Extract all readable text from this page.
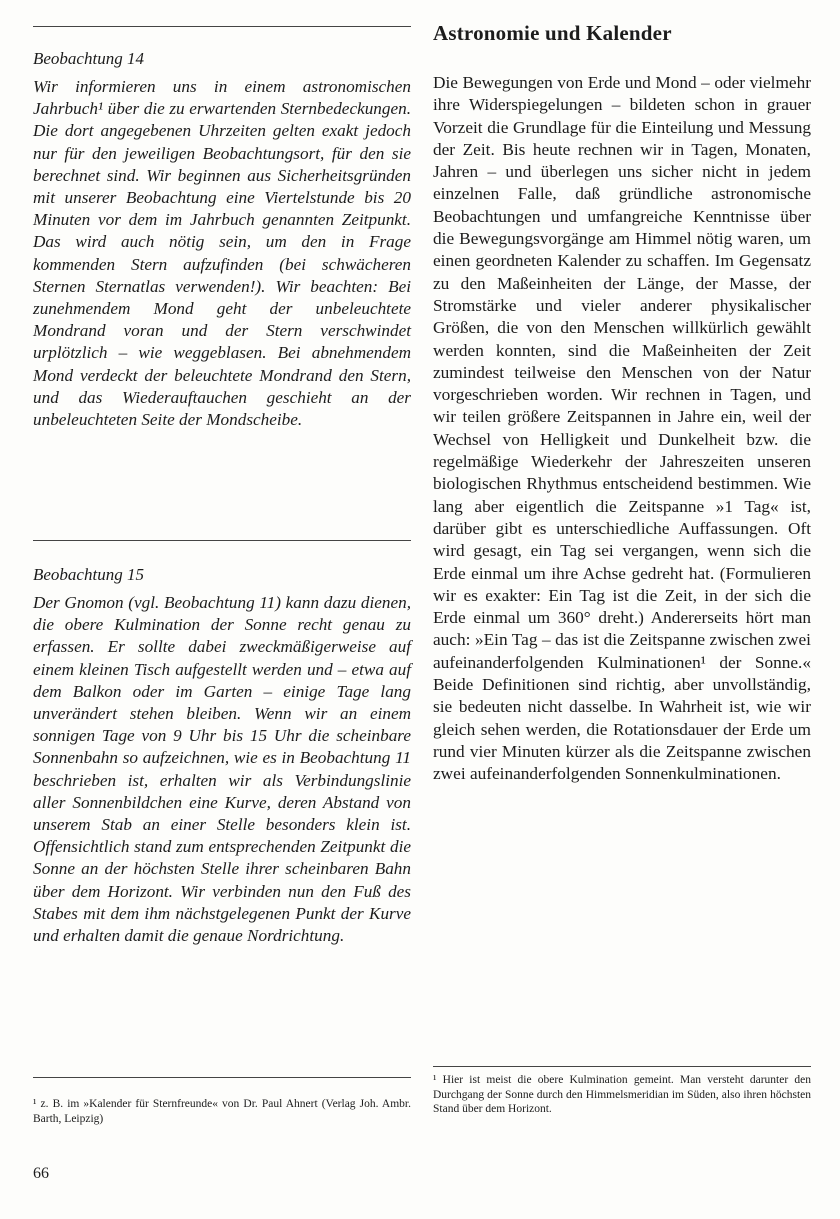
Beobachtung 14

Wir informieren uns in einem astronomischen Jahrbuch¹ über die zu erwartenden Sternbedeckungen. Die dort angegebenen Uhrzeiten gelten exakt jedoch nur für den jeweiligen Beobachtungsort, für den sie berechnet sind. Wir beginnen aus Sicherheitsgründen mit unserer Beobachtung eine Viertelstunde bis 20 Minuten vor dem im Jahrbuch genannten Zeitpunkt. Das wird auch nötig sein, um den in Frage kommenden Stern aufzufinden (bei schwächeren Sternen Sternatlas verwenden!). Wir beachten: Bei zunehmendem Mond geht der unbeleuchtete Mondrand voran und der Stern verschwindet urplötzlich – wie weggeblasen. Bei abnehmendem Mond verdeckt der beleuchtete Mondrand den Stern, und das Wiederauftauchen geschieht an der unbeleuchteten Seite der Mondscheibe.

Beobachtung 15

Der Gnomon (vgl. Beobachtung 11) kann dazu dienen, die obere Kulmination der Sonne recht genau zu erfassen. Er sollte dabei zweckmäßigerweise auf einem kleinen Tisch aufgestellt werden und – etwa auf dem Balkon oder im Garten – einige Tage lang unverändert stehen bleiben. Wenn wir an einem sonnigen Tage von 9 Uhr bis 15 Uhr die scheinbare Sonnenbahn so aufzeichnen, wie es in Beobachtung 11 beschrieben ist, erhalten wir als Verbindungslinie aller Sonnenbildchen eine Kurve, deren Abstand von unserem Stab an einer Stelle besonders klein ist. Offensichtlich stand zum entsprechenden Zeitpunkt die Sonne an der höchsten Stelle ihrer scheinbaren Bahn über dem Horizont. Wir verbinden nun den Fuß des Stabes mit dem ihm nächstgelegenen Punkt der Kurve und erhalten damit die genaue Nordrichtung.

¹ z. B. im »Kalender für Sternfreunde« von Dr. Paul Ahnert (Verlag Joh. Ambr. Barth, Leipzig)

Astronomie und Kalender

Die Bewegungen von Erde und Mond – oder vielmehr ihre Widerspiegelungen – bildeten schon in grauer Vorzeit die Grundlage für die Einteilung und Messung der Zeit. Bis heute rechnen wir in Tagen, Monaten, Jahren – und überlegen uns sicher nicht in jedem einzelnen Falle, daß gründliche astronomische Beobachtungen und umfangreiche Kenntnisse über die Bewegungsvorgänge am Himmel nötig waren, um einen geordneten Kalender zu schaffen. Im Gegensatz zu den Maßeinheiten der Länge, der Masse, der Stromstärke und vieler anderer physikalischer Größen, die von den Menschen willkürlich gewählt werden konnten, sind die Maßeinheiten der Zeit zumindest teilweise den Menschen von der Natur vorgeschrieben worden. Wir rechnen in Tagen, und wir teilen größere Zeitspannen in Jahre ein, weil der Wechsel von Helligkeit und Dunkelheit bzw. die regelmäßige Wiederkehr der Jahreszeiten unseren biologischen Rhythmus entscheidend bestimmen. Wie lang aber eigentlich die Zeitspanne »1 Tag« ist, darüber gibt es unterschiedliche Auffassungen. Oft wird gesagt, ein Tag sei vergangen, wenn sich die Erde einmal um ihre Achse gedreht hat. (Formulieren wir es exakter: Ein Tag ist die Zeit, in der sich die Erde einmal um 360° dreht.) Andererseits hört man auch: »Ein Tag – das ist die Zeitspanne zwischen zwei aufeinanderfolgenden Kulminationen¹ der Sonne.« Beide Definitionen sind richtig, aber unvollständig, sie bedeuten nicht dasselbe. In Wahrheit ist, wie wir gleich sehen werden, die Rotationsdauer der Erde um rund vier Minuten kürzer als die Zeitspanne zwischen zwei aufeinanderfolgenden Sonnenkulminationen.

¹ Hier ist meist die obere Kulmination gemeint. Man versteht darunter den Durchgang der Sonne durch den Himmelsmeridian im Süden, also ihren höchsten Stand über dem Horizont.

66
